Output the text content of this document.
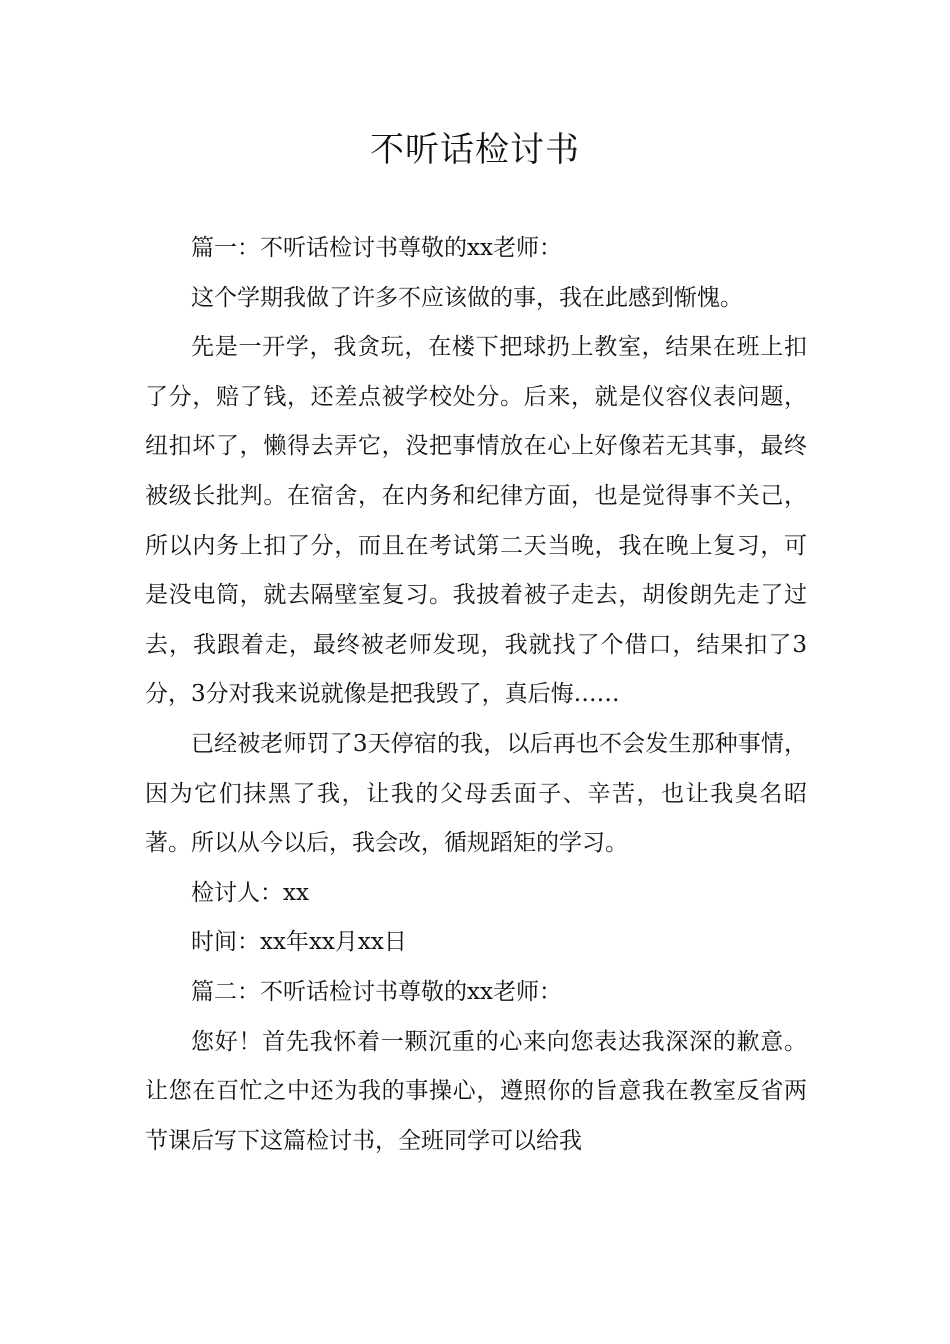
不听话检讨书

篇一：不听话检讨书尊敬的xx老师：

这个学期我做了许多不应该做的事，我在此感到惭愧。

先是一开学，我贪玩，在楼下把球扔上教室，结果在班上扣了分，赔了钱，还差点被学校处分。后来，就是仪容仪表问题，纽扣坏了，懒得去弄它，没把事情放在心上好像若无其事，最终被级长批判。在宿舍，在内务和纪律方面，也是觉得事不关己，所以内务上扣了分，而且在考试第二天当晚，我在晚上复习，可是没电筒，就去隔壁室复习。我披着被子走去，胡俊朗先走了过去，我跟着走，最终被老师发现，我就找了个借口，结果扣了3分，3分对我来说就像是把我毁了，真后悔……

已经被老师罚了3天停宿的我，以后再也不会发生那种事情，因为它们抹黑了我，让我的父母丢面子、辛苦，也让我臭名昭著。所以从今以后，我会改，循规蹈矩的学习。

检讨人：xx

时间：xx年xx月xx日

篇二：不听话检讨书尊敬的xx老师：

您好！首先我怀着一颗沉重的心来向您表达我深深的歉意。让您在百忙之中还为我的事操心，遵照你的旨意我在教室反省两节课后写下这篇检讨书，全班同学可以给我
